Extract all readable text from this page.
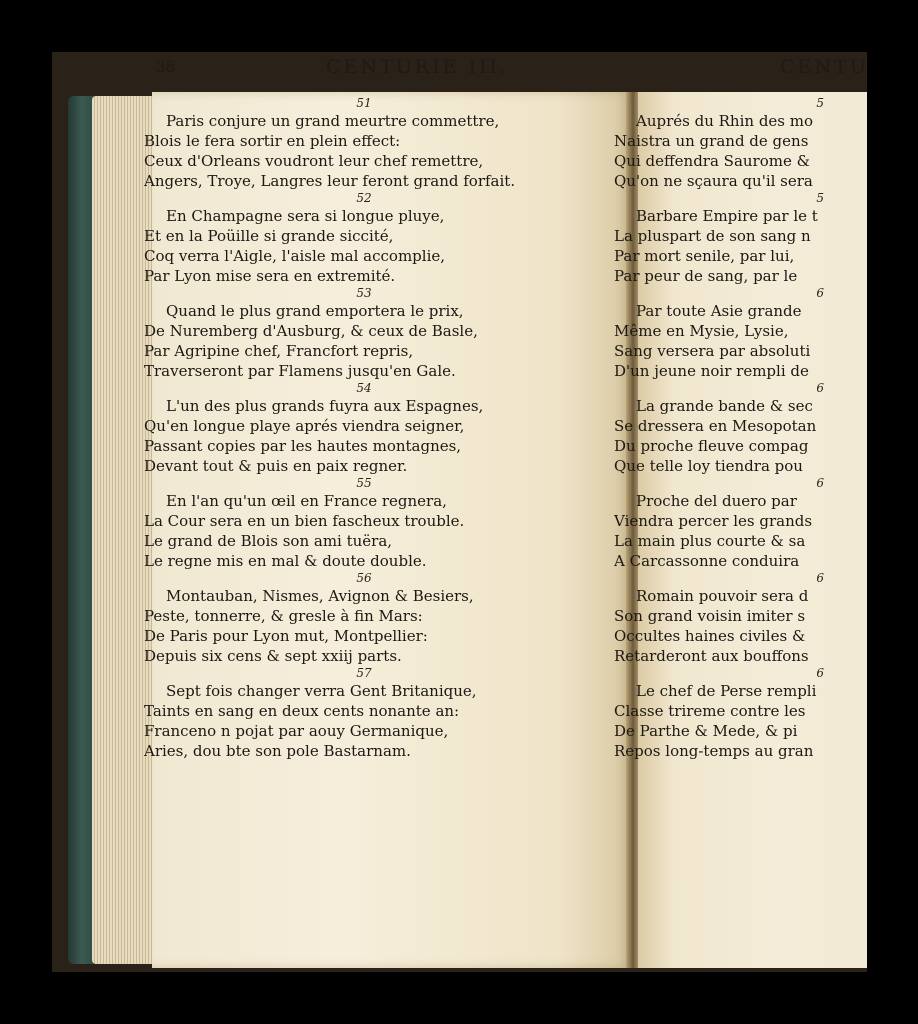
38	CENTURIE III.	CENTU
51
Paris conjure un grand meurtre commettre,
Blois le fera sortir en plein effect:
Ceux d'Orleans voudront leur chef remettre,
Angers, Troye, Langres leur feront grand forfait.
52
En Champagne sera si longue pluye,
Et en la Poüille si grande siccité,
Coq verra l'Aigle, l'aisle mal accomplie,
Par Lyon mise sera en extremité.
53
Quand le plus grand emportera le prix,
De Nuremberg d'Ausburg, & ceux de Basle,
Par Agripine chef, Francfort repris,
Traverseront par Flamens jusqu'en Gale.
54
L'un des plus grands fuyra aux Espagnes,
Qu'en longue playe aprés viendra seigner,
Passant copies par les hautes montagnes,
Devant tout & puis en paix regner.
55
En l'an qu'un œil en France regnera,
La Cour sera en un bien fascheux trouble.
Le grand de Blois son ami tuëra,
Le regne mis en mal & doute double.
56
Montauban, Nismes, Avignon & Besiers,
Peste, tonnerre, & gresle à fin Mars:
De Paris pour Lyon mut, Montpellier:
Depuis six cens & sept xxiij parts.
57
Sept fois changer verra Gent Britanique,
Taints en sang en deux cents nonante an:
Franceno n pojat par aouy Germanique,
Aries, dou bte son pole Bastarnam.
5
Auprés du Rhin des mo
Naistra un grand de gens
Qui deffendra Saurome &
Qu'on ne sçaura qu'il sera
5
Barbare Empire par le t
La pluspart de son sang n
Par mort senile, par lui,
Par peur de sang, par le
6
Par toute Asie grande
Même en Mysie, Lysie,
Sang versera par absoluti
D'un jeune noir rempli de
6
La grande bande & sec
Se dressera en Mesopotan
Du proche fleuve compag
Que telle loy tiendra pou
6
Proche del duero par
Viendra percer les grands
La main plus courte & sa
A Carcassonne conduira
6
Romain pouvoir sera d
Son grand voisin imiter s
Occultes haines civiles &
Retarderont aux bouffons
6
Le chef de Perse rempli
Classe trireme contre les
De Parthe & Mede, & pi
Repos long-temps au gran
